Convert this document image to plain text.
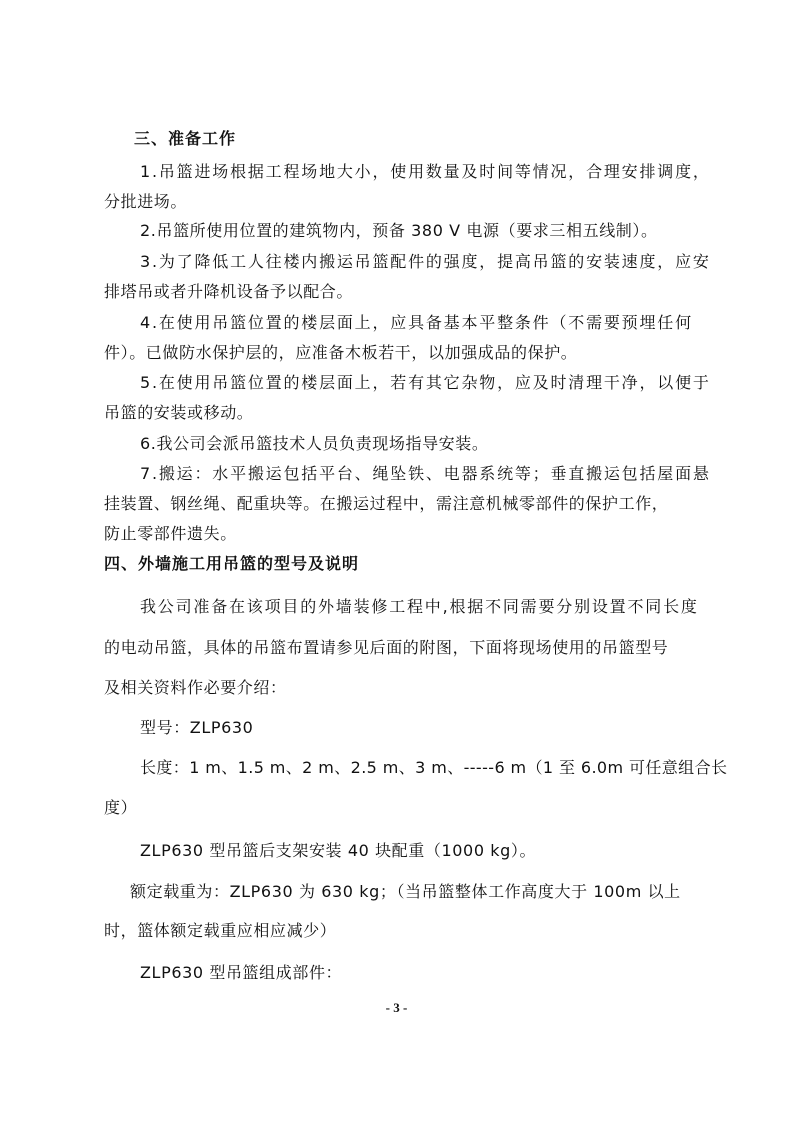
三、准备工作
1.吊篮进场根据工程场地大小，使用数量及时间等情况，合理安排调度，
分批进场。
2.吊篮所使用位置的建筑物内，预备 380 V 电源（要求三相五线制）。
3.为了降低工人往楼内搬运吊篮配件的强度，提高吊篮的安装速度，应安
排塔吊或者升降机设备予以配合。
4.在使用吊篮位置的楼层面上，应具备基本平整条件（不需要预埋任何
件）。已做防水保护层的，应准备木板若干，以加强成品的保护。
5.在使用吊篮位置的楼层面上，若有其它杂物，应及时清理干净，以便于
吊篮的安装或移动。
6.我公司会派吊篮技术人员负责现场指导安装。
7.搬运：水平搬运包括平台、绳坠铁、电器系统等；垂直搬运包括屋面悬
挂装置、钢丝绳、配重块等。在搬运过程中，需注意机械零部件的保护工作，
防止零部件遗失。
四、外墙施工用吊篮的型号及说明
我公司准备在该项目的外墙装修工程中,根据不同需要分别设置不同长度
的电动吊篮，具体的吊篮布置请参见后面的附图，下面将现场使用的吊篮型号
及相关资料作必要介绍：
型号：ZLP630
长度：1 m、1.5 m、2 m、2.5 m、3 m、-----6 m（1 至 6.0m 可任意组合长
度）
ZLP630 型吊篮后支架安装 40 块配重（1000 kg）。
额定载重为：ZLP630 为 630 kg；（当吊篮整体工作高度大于 100m 以上
时，篮体额定载重应相应减少）
ZLP630 型吊篮组成部件：
- 3 -
